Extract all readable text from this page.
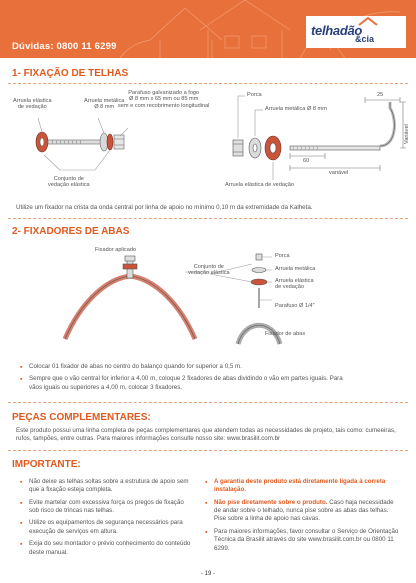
Dúvidas: 0800 11 6299
telhadão
&cia
1- FIXAÇÃO DE TELHAS
Arruela elástica
de vedação
Arruela metálica
Ø 8 mm
Parafuso galvanizado a fogo
Ø 8 mm x 65 mm ou 85 mm
sem e com recobrimento longitudinal
Conjunto de
vedação elástica
Porca
Arruela metálica Ø 8 mm
Arruela elástica de vedação
25
60
variável
Variável
Utilize um fixador na crista da onda central por linha de apoio no mínimo 0,10 m da extremidade da Kalheta.
2- FIXADORES DE ABAS
Fixador aplicado
Conjunto de
vedação elástica
Porca
Arruela metálica
Arruela elástica
de vedação
Parafuso Ø 1/4"
Fixador de abas
▪ Colocar 01 fixador de abas no centro do balanço quando for superior a 0,5 m.
▪ Sempre que o vão central for inferior a 4,00 m, coloque 2 fixadores de abas dividindo o vão em partes iguais. Para vãos iguais ou superiores a 4,00 m, colocar 3 fixadores.
PEÇAS COMPLEMENTARES:
Este produto possui uma linha completa de peças complementares que atendem todas as necessidades de projeto, tais como: cumeeiras, rufos, tampões, entre outras. Para maiores informações consulte nosso site: www.brasilit.com.br
IMPORTANTE:
▪ Não deixe as telhas soltas sobre a estrutura de apoio sem que a fixação esteja completa.
▪ Evite martelar com excessiva força os pregos de fixação sob risco de trincas nas telhas.
▪ Utilize os equipamentos de segurança necessários para execução de serviços em altura.
▪ Exija do seu montador o prévio conhecimento do conteúdo deste manual.
▪ A garantia deste produto está diretamente ligada à correta instalação.
▪ Não pise diretamente sobre o produto. Caso haja necessidade de andar sobre o telhado, nunca pise sobre as abas das telhas. Pise sobre a linha de apoio nas cavas.
▪ Para maiores informações, favor consultar o Serviço de Orientação Técnica da Brasilit através do site www.brasilit.com.br ou 0800 11 6299.
- 19 -
